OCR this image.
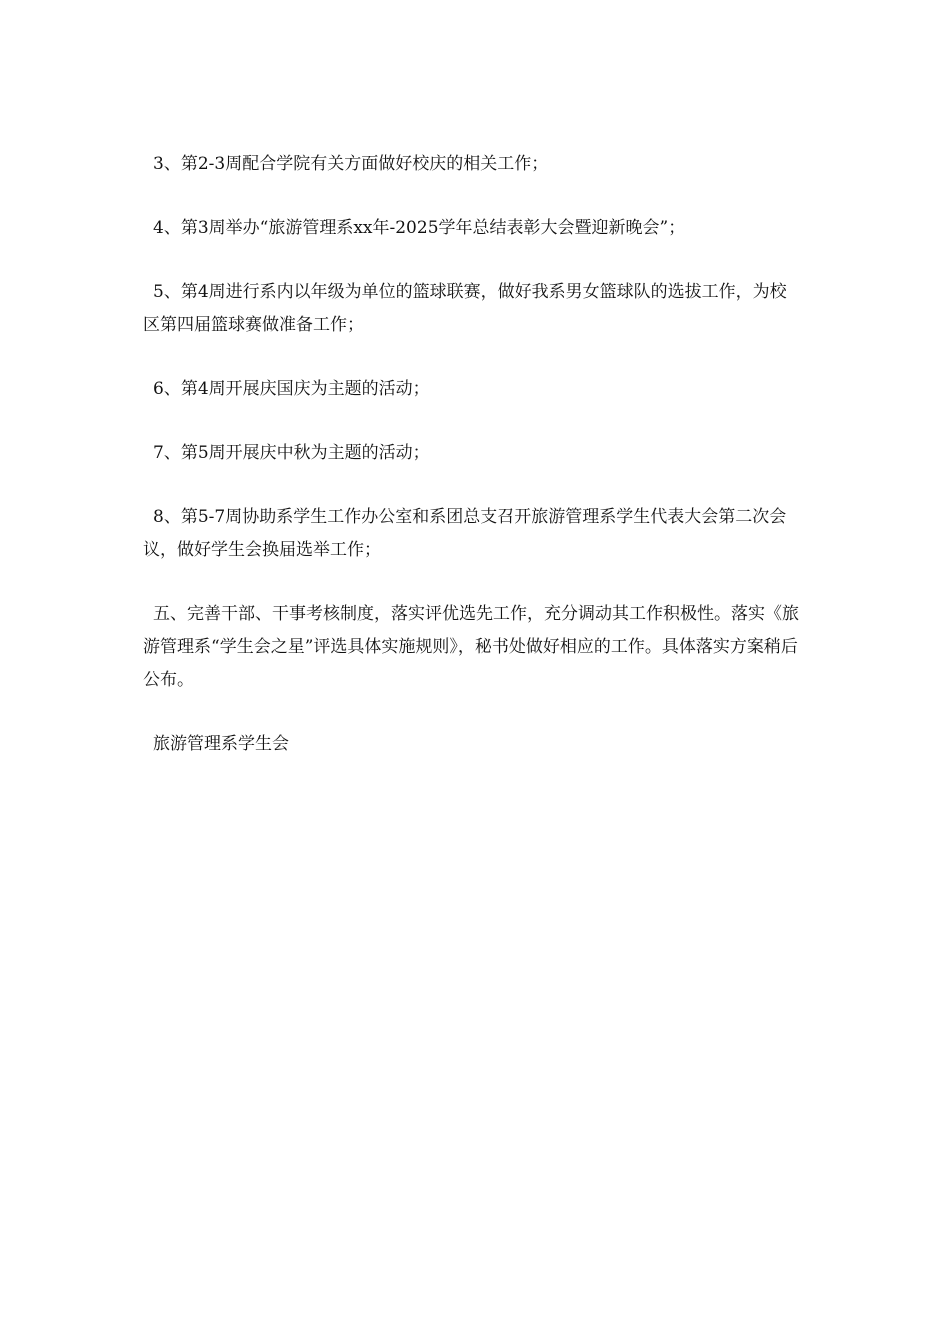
3、第2-3周配合学院有关方面做好校庆的相关工作；

4、第3周举办“旅游管理系xx年-2025学年总结表彰大会暨迎新晚会”；

5、第4周进行系内以年级为单位的篮球联赛，做好我系男女篮球队的选拔工作，为校区第四届篮球赛做准备工作；

6、第4周开展庆国庆为主题的活动；

7、第5周开展庆中秋为主题的活动；

8、第5-7周协助系学生工作办公室和系团总支召开旅游管理系学生代表大会第二次会议，做好学生会换届选举工作；

五、完善干部、干事考核制度，落实评优选先工作，充分调动其工作积极性。落实《旅游管理系“学生会之星”评选具体实施规则》，秘书处做好相应的工作。具体落实方案稍后公布。

旅游管理系学生会
